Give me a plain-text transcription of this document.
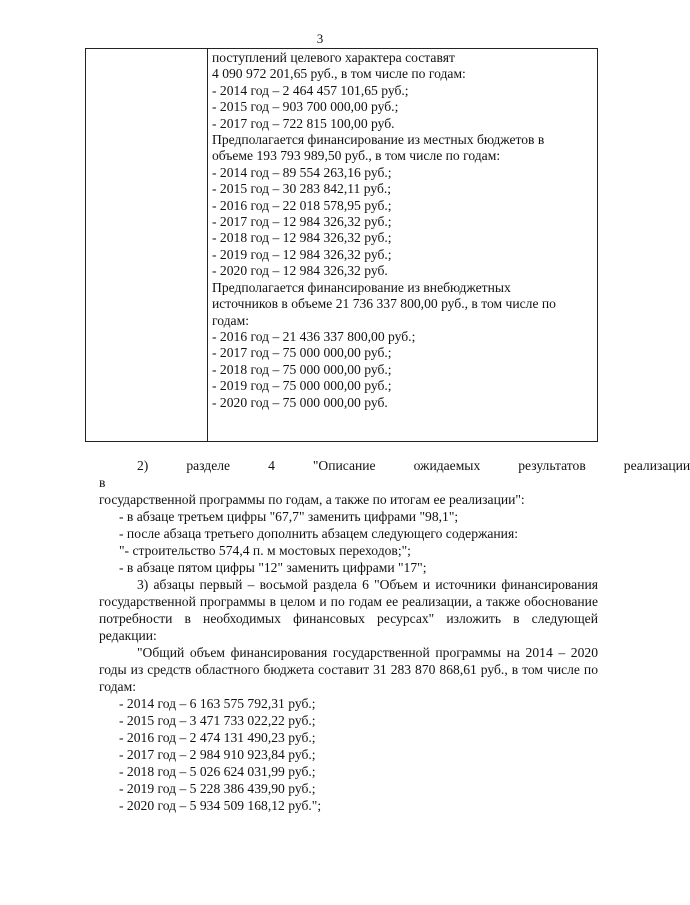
3

поступлений целевого характера составят

4 090 972 201,65 руб., в том числе по годам:

- 2014 год – 2 464 457 101,65 руб.;

- 2015 год – 903 700 000,00 руб.;

- 2017 год – 722 815 100,00 руб.

Предполагается финансирование из местных бюджетов в

объеме 193 793 989,50 руб., в том числе по годам:

- 2014 год – 89 554 263,16 руб.;

- 2015 год – 30 283 842,11 руб.;

- 2016 год – 22 018 578,95 руб.;

- 2017 год – 12 984 326,32 руб.;

- 2018 год – 12 984 326,32 руб.;

- 2019 год – 12 984 326,32 руб.;

- 2020 год – 12 984 326,32 руб.

Предполагается финансирование из внебюджетных

источников в объеме 21 736 337 800,00 руб., в том числе по

годам:

- 2016 год – 21 436 337 800,00 руб.;

- 2017 год – 75 000 000,00 руб.;

- 2018 год – 75 000 000,00 руб.;

- 2019 год – 75 000 000,00 руб.;

- 2020 год – 75 000 000,00 руб.

2) в
разделе	4	"Описание	ожидаемых	результатов	реализации

государственной программы по годам, а также по итогам ее реализации":

- в абзаце третьем цифры "67,7" заменить цифрами "98,1";

- после абзаца третьего дополнить абзацем следующего содержания:

"- строительство 574,4 п. м мостовых переходов;";

- в абзаце пятом цифры "12" заменить цифрами "17";

3) абзацы первый – восьмой раздела 6 "Объем и источники финансирования государственной программы в целом и по годам ее реализации, а также обоснование потребности в необходимых финансовых ресурсах" изложить в следующей редакции:

"Общий объем финансирования государственной программы на 2014 – 2020 годы из средств областного бюджета составит 31 283 870 868,61 руб., в том числе по годам:

- 2014 год – 6 163 575 792,31 руб.;

- 2015 год – 3 471 733 022,22 руб.;

- 2016 год – 2 474 131 490,23 руб.;

- 2017 год – 2 984 910 923,84 руб.;

- 2018 год – 5 026 624 031,99 руб.;

- 2019 год – 5 228 386 439,90 руб.;

- 2020 год – 5 934 509 168,12 руб.";
